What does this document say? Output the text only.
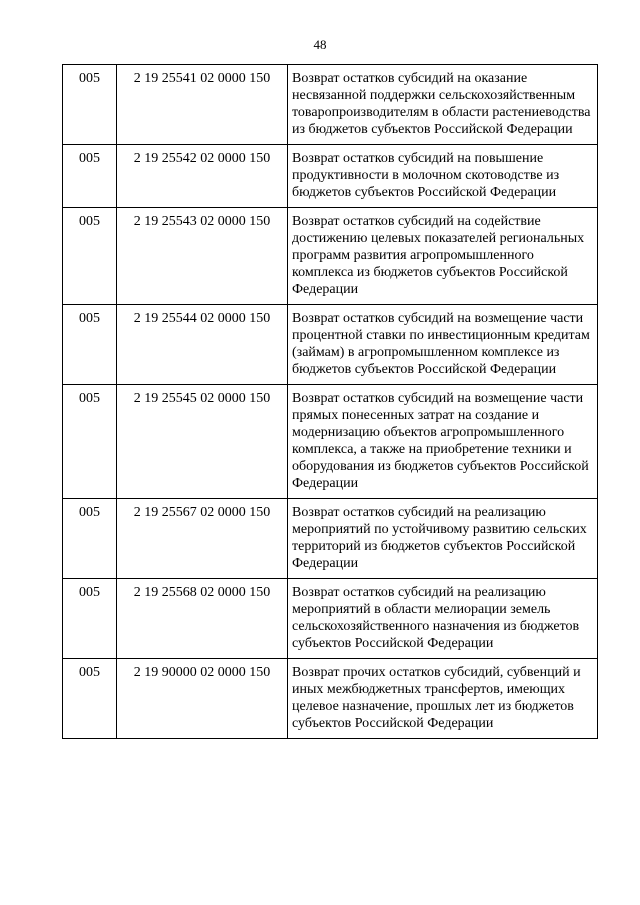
48
005	2 19 25541 02 0000 150	Возврат остатков субсидий на оказание несвязанной поддержки сельскохозяйственным товаропроизводителям в области растениеводства из бюджетов субъектов Российской Федерации
005	2 19 25542 02 0000 150	Возврат остатков субсидий на повышение продуктивности в молочном скотоводстве из бюджетов субъектов Российской Федерации
005	2 19 25543 02 0000 150	Возврат остатков субсидий на содействие достижению целевых показателей региональных программ развития агропромышленного комплекса из бюджетов субъектов Российской Федерации
005	2 19 25544 02 0000 150	Возврат остатков субсидий на возмещение части процентной ставки по инвестиционным кредитам (займам) в агропромышленном комплексе из бюджетов субъектов Российской Федерации
005	2 19 25545 02 0000 150	Возврат остатков субсидий на возмещение части прямых понесенных затрат на создание и модернизацию объектов агропромышленного комплекса, а также на приобретение техники и оборудования из бюджетов субъектов Российской Федерации
005	2 19 25567 02 0000 150	Возврат остатков субсидий на реализацию мероприятий по устойчивому развитию сельских территорий из бюджетов субъектов Российской Федерации
005	2 19 25568 02 0000 150	Возврат остатков субсидий на реализацию мероприятий в области мелиорации земель сельскохозяйственного назначения из бюджетов субъектов Российской Федерации
005	2 19 90000 02 0000 150	Возврат прочих остатков субсидий, субвенций и иных межбюджетных трансфертов, имеющих целевое назначение, прошлых лет из бюджетов субъектов Российской Федерации
